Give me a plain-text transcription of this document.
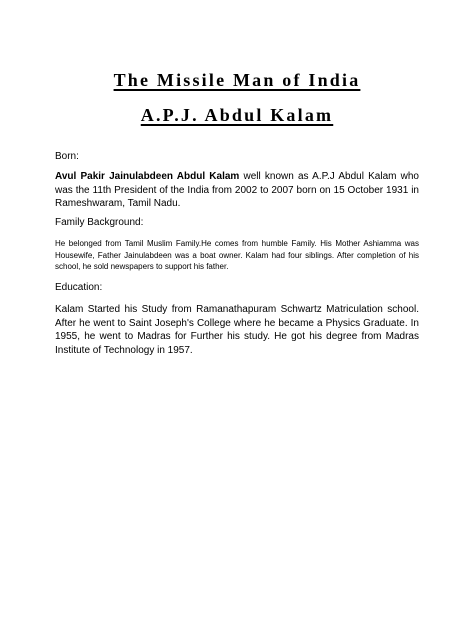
The Missile Man of India
A.P.J. Abdul Kalam

Born:

Avul Pakir Jainulabdeen Abdul Kalam well known as A.P.J Abdul Kalam who was the 11th President of the India from 2002 to 2007 born on 15 October 1931 in Rameshwaram, Tamil Nadu.

Family Background:

He belonged from Tamil Muslim Family.He comes from humble Family. His Mother Ashiamma was Housewife, Father Jainulabdeen was a boat owner. Kalam had four siblings. After completion of his school, he sold newspapers to support his father.

Education:

Kalam Started his Study from Ramanathapuram Schwartz Matriculation school. After he went to Saint Joseph's College where he became a Physics Graduate. In 1955, he went to Madras for Further his study. He got his degree from Madras Institute of Technology in 1957.
